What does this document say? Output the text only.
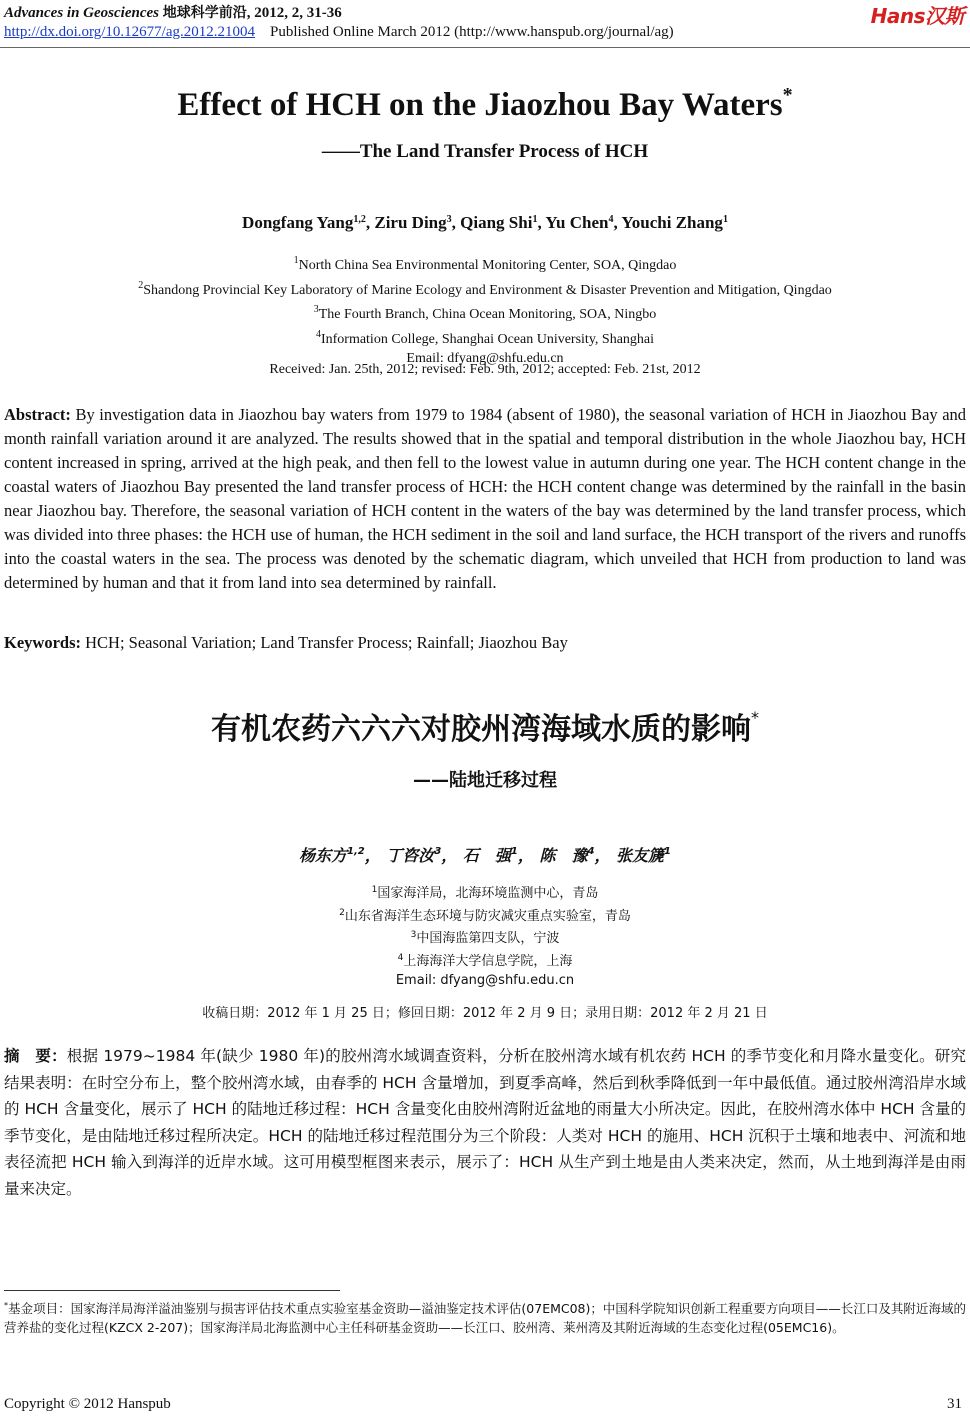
Advances in Geosciences 地球科学前沿, 2012, 2, 31-36
http://dx.doi.org/10.12677/ag.2012.21004 Published Online March 2012 (http://www.hanspub.org/journal/ag)
Hans汉斯
Effect of HCH on the Jiaozhou Bay Waters*
——The Land Transfer Process of HCH
Dongfang Yang$^{1,2}$, Ziru Ding$^3$, Qiang Shi$^1$, Yu Chen$^4$, Youchi Zhang$^1$
$^1$North China Sea Environmental Monitoring Center, SOA, Qingdao
$^2$Shandong Provincial Key Laboratory of Marine Ecology and Environment & Disaster Prevention and Mitigation, Qingdao
$^3$The Fourth Branch, China Ocean Monitoring, SOA, Ningbo
$^4$Information College, Shanghai Ocean University, Shanghai
Email: dfyang@shfu.edu.cn
Received: Jan. 25th, 2012; revised: Feb. 9th, 2012; accepted: Feb. 21st, 2012
Abstract: By investigation data in Jiaozhou bay waters from 1979 to 1984 (absent of 1980), the seasonal variation of HCH in Jiaozhou Bay and month rainfall variation around it are analyzed. The results showed that in the spatial and temporal distribution in the whole Jiaozhou bay, HCH content increased in spring, arrived at the high peak, and then fell to the lowest value in autumn during one year. The HCH content change in the coastal waters of Jiaozhou Bay presented the land transfer process of HCH: the HCH content change was determined by the rainfall in the basin near Jiaozhou bay. Therefore, the seasonal variation of HCH content in the waters of the bay was determined by the land transfer process, which was divided into three phases: the HCH use of human, the HCH sediment in the soil and land surface, the HCH transport of the rivers and runoffs into the coastal waters in the sea. The process was denoted by the schematic diagram, which unveiled that HCH from production to land was determined by human and that it from land into sea determined by rainfall.
Keywords: HCH; Seasonal Variation; Land Transfer Process; Rainfall; Jiaozhou Bay
有机农药六六六对胶州湾海域水质的影响*
——陆地迁移过程
杨东方$^{1,2}$， 丁咨汝$^3$， 石　强$^1$， 陈　豫$^4$， 张友篪$^1$
$^1$国家海洋局，北海环境监测中心，青岛
$^2$山东省海洋生态环境与防灾减灾重点实验室，青岛
$^3$中国海监第四支队，宁波
$^4$上海海洋大学信息学院，上海
Email: dfyang@shfu.edu.cn
收稿日期：2012 年 1 月 25 日；修回日期：2012 年 2 月 9 日；录用日期：2012 年 2 月 21 日
摘　要：根据 1979~1984 年(缺少 1980 年)的胶州湾水域调查资料，分析在胶州湾水域有机农药 HCH 的季节变化和月降水量变化。研究结果表明：在时空分布上，整个胶州湾水域，由春季的 HCH 含量增加，到夏季高峰，然后到秋季降低到一年中最低值。通过胶州湾沿岸水域的 HCH 含量变化，展示了 HCH 的陆地迁移过程：HCH 含量变化由胶州湾附近盆地的雨量大小所决定。因此，在胶州湾水体中 HCH 含量的季节变化，是由陆地迁移过程所决定。HCH 的陆地迁移过程范围分为三个阶段：人类对 HCH 的施用、HCH 沉积于土壤和地表中、河流和地表径流把 HCH 输入到海洋的近岸水域。这可用模型框图来表示，展示了：HCH 从生产到土地是由人类来决定，然而，从土地到海洋是由雨量来决定。
*基金项目：国家海洋局海洋溢油鉴别与损害评估技术重点实验室基金资助—溢油鉴定技术评估(07EMC08)；中国科学院知识创新工程重要方向项目——长江口及其附近海域的营养盐的变化过程(KZCX 2-207)；国家海洋局北海监测中心主任科研基金资助——长江口、胶州湾、莱州湾及其附近海域的生态变化过程(05EMC16)。
Copyright © 2012 Hanspub	31
